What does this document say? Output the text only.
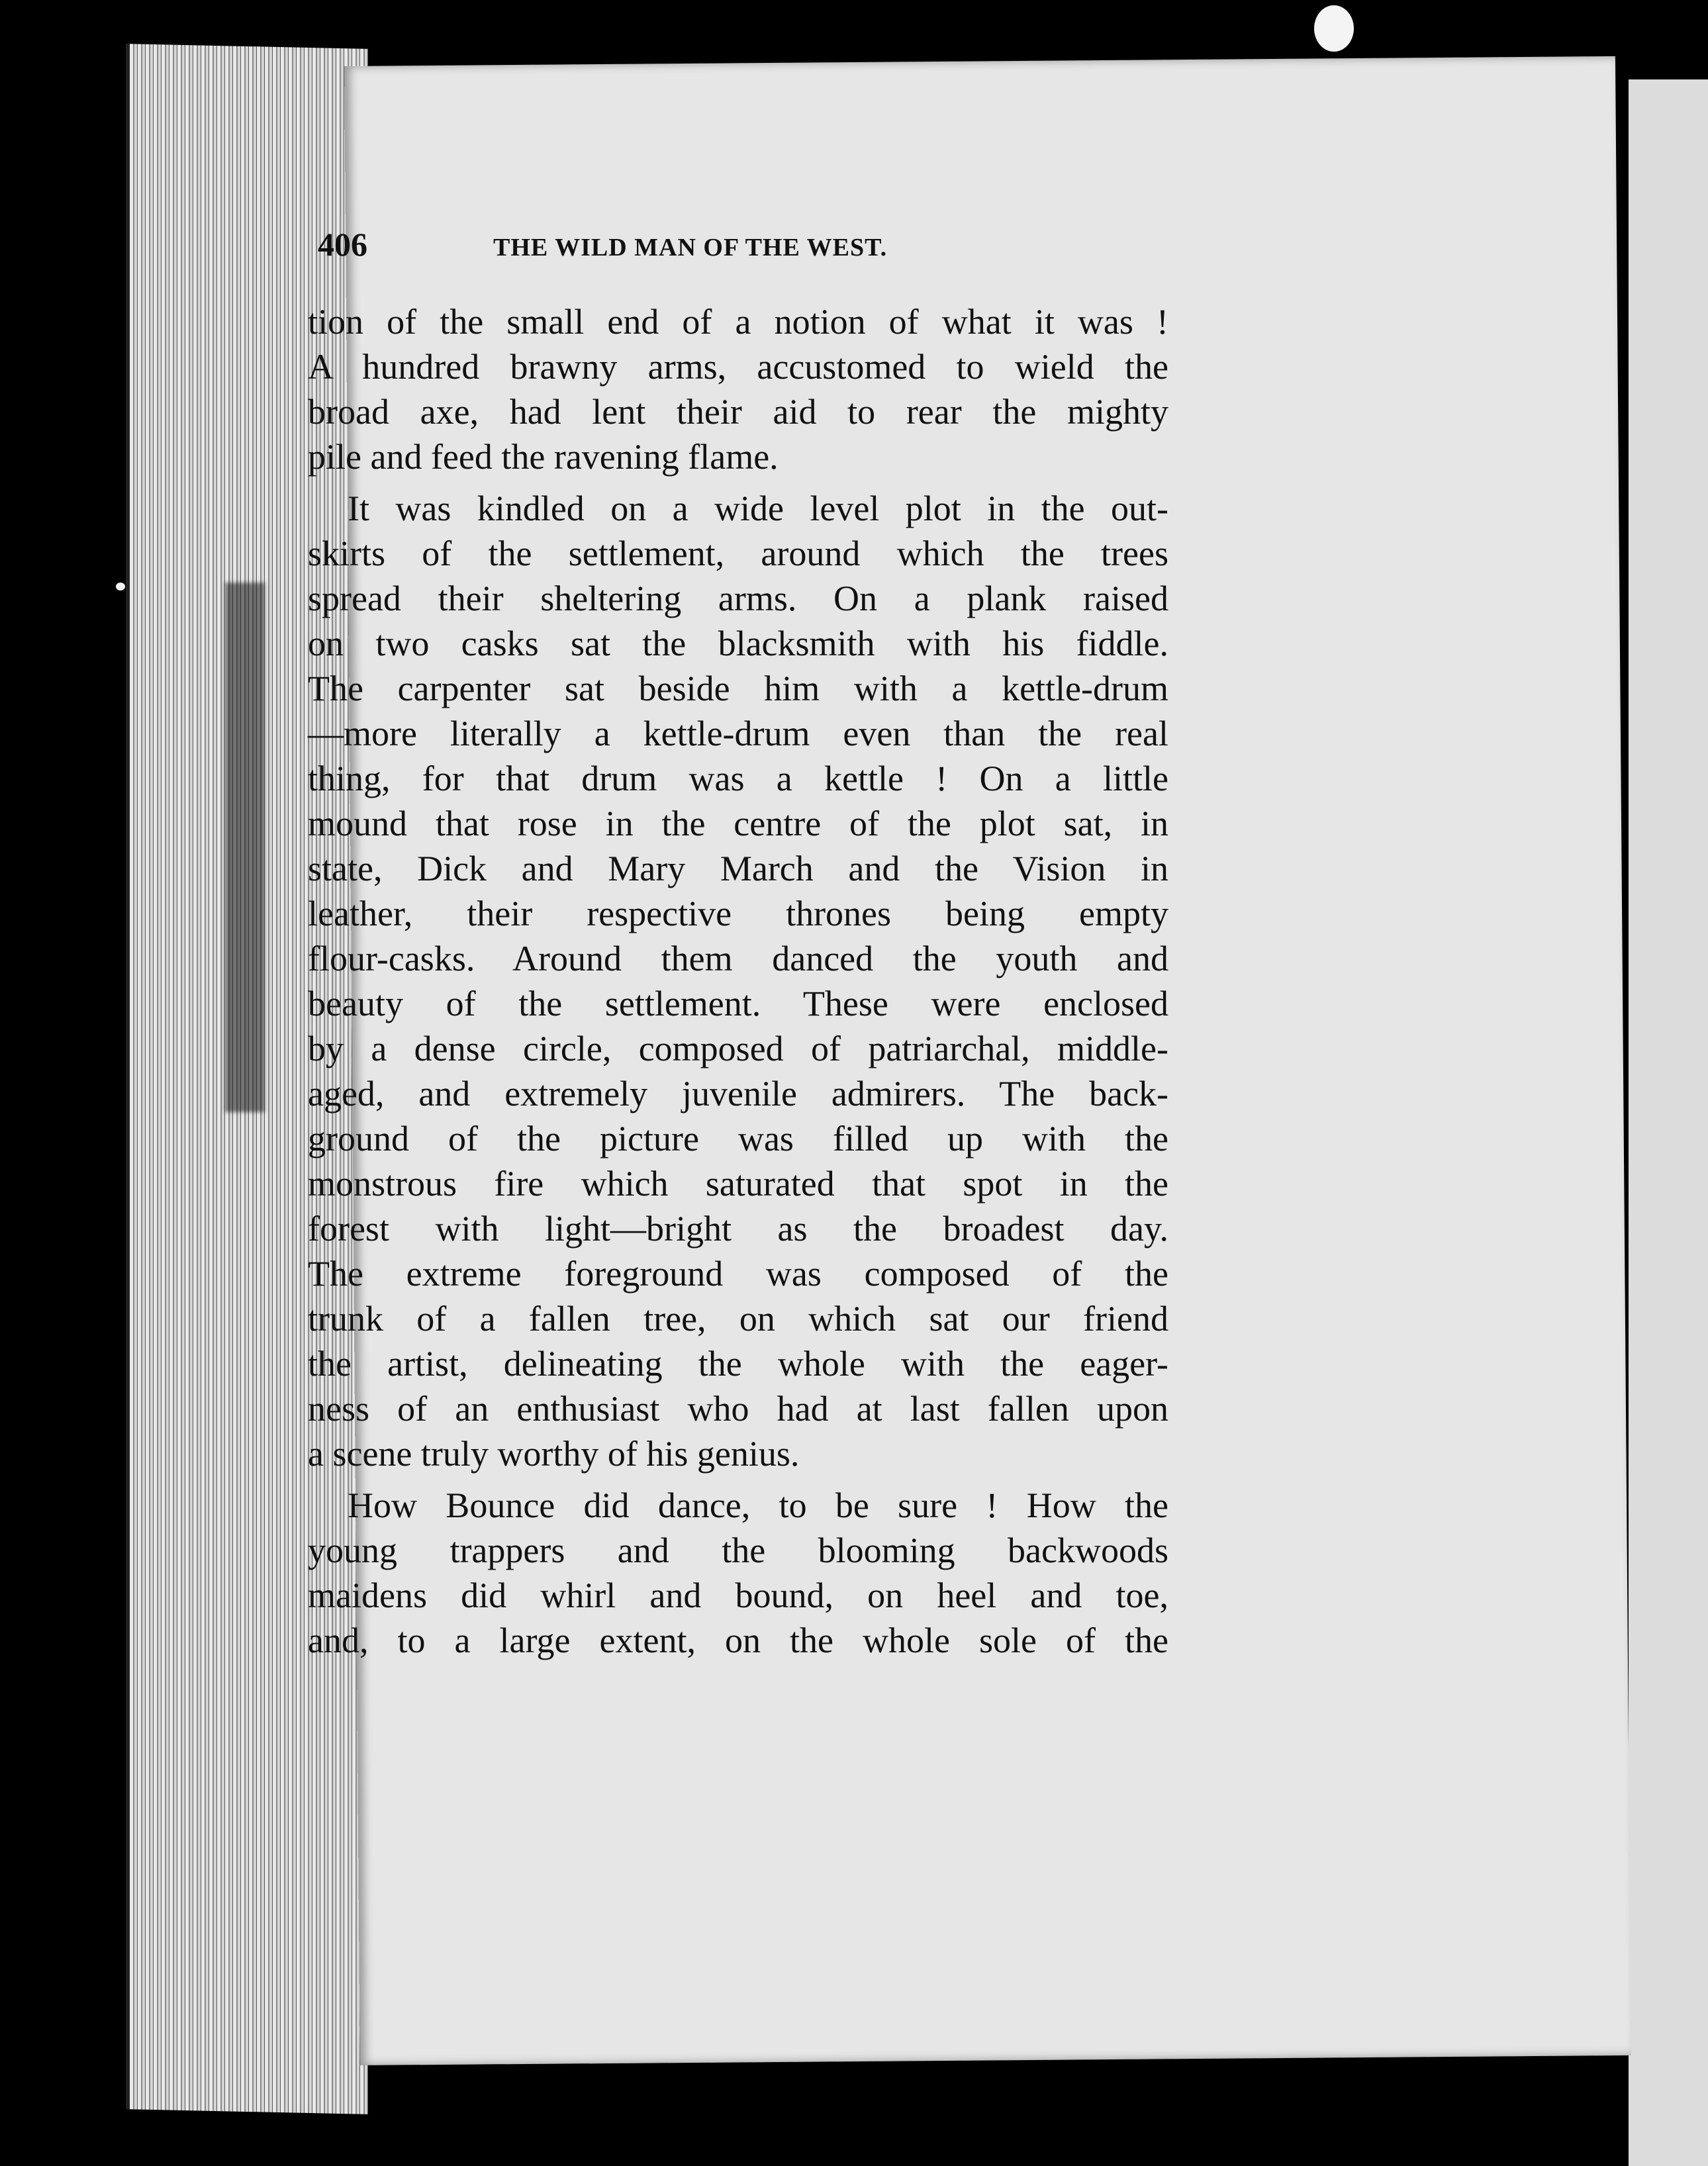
406	THE WILD MAN OF THE WEST.
tion of the small end of a notion of what it was !
A hundred brawny arms, accustomed to wield the
broad axe, had lent their aid to rear the mighty
pile and feed the ravening flame.
It was kindled on a wide level plot in the out-
skirts of the settlement, around which the trees
spread their sheltering arms. On a plank raised
on two casks sat the blacksmith with his fiddle.
The carpenter sat beside him with a kettle-drum
—more literally a kettle-drum even than the real
thing, for that drum was a kettle ! On a little
mound that rose in the centre of the plot sat, in
state, Dick and Mary March and the Vision in
leather, their respective thrones being empty
flour-casks. Around them danced the youth and
beauty of the settlement. These were enclosed
by a dense circle, composed of patriarchal, middle-
aged, and extremely juvenile admirers. The back-
ground of the picture was filled up with the
monstrous fire which saturated that spot in the
forest with light—bright as the broadest day.
The extreme foreground was composed of the
trunk of a fallen tree, on which sat our friend
the artist, delineating the whole with the eager-
ness of an enthusiast who had at last fallen upon
a scene truly worthy of his genius.
How Bounce did dance, to be sure ! How the
young trappers and the blooming backwoods
maidens did whirl and bound, on heel and toe,
and, to a large extent, on the whole sole of the
